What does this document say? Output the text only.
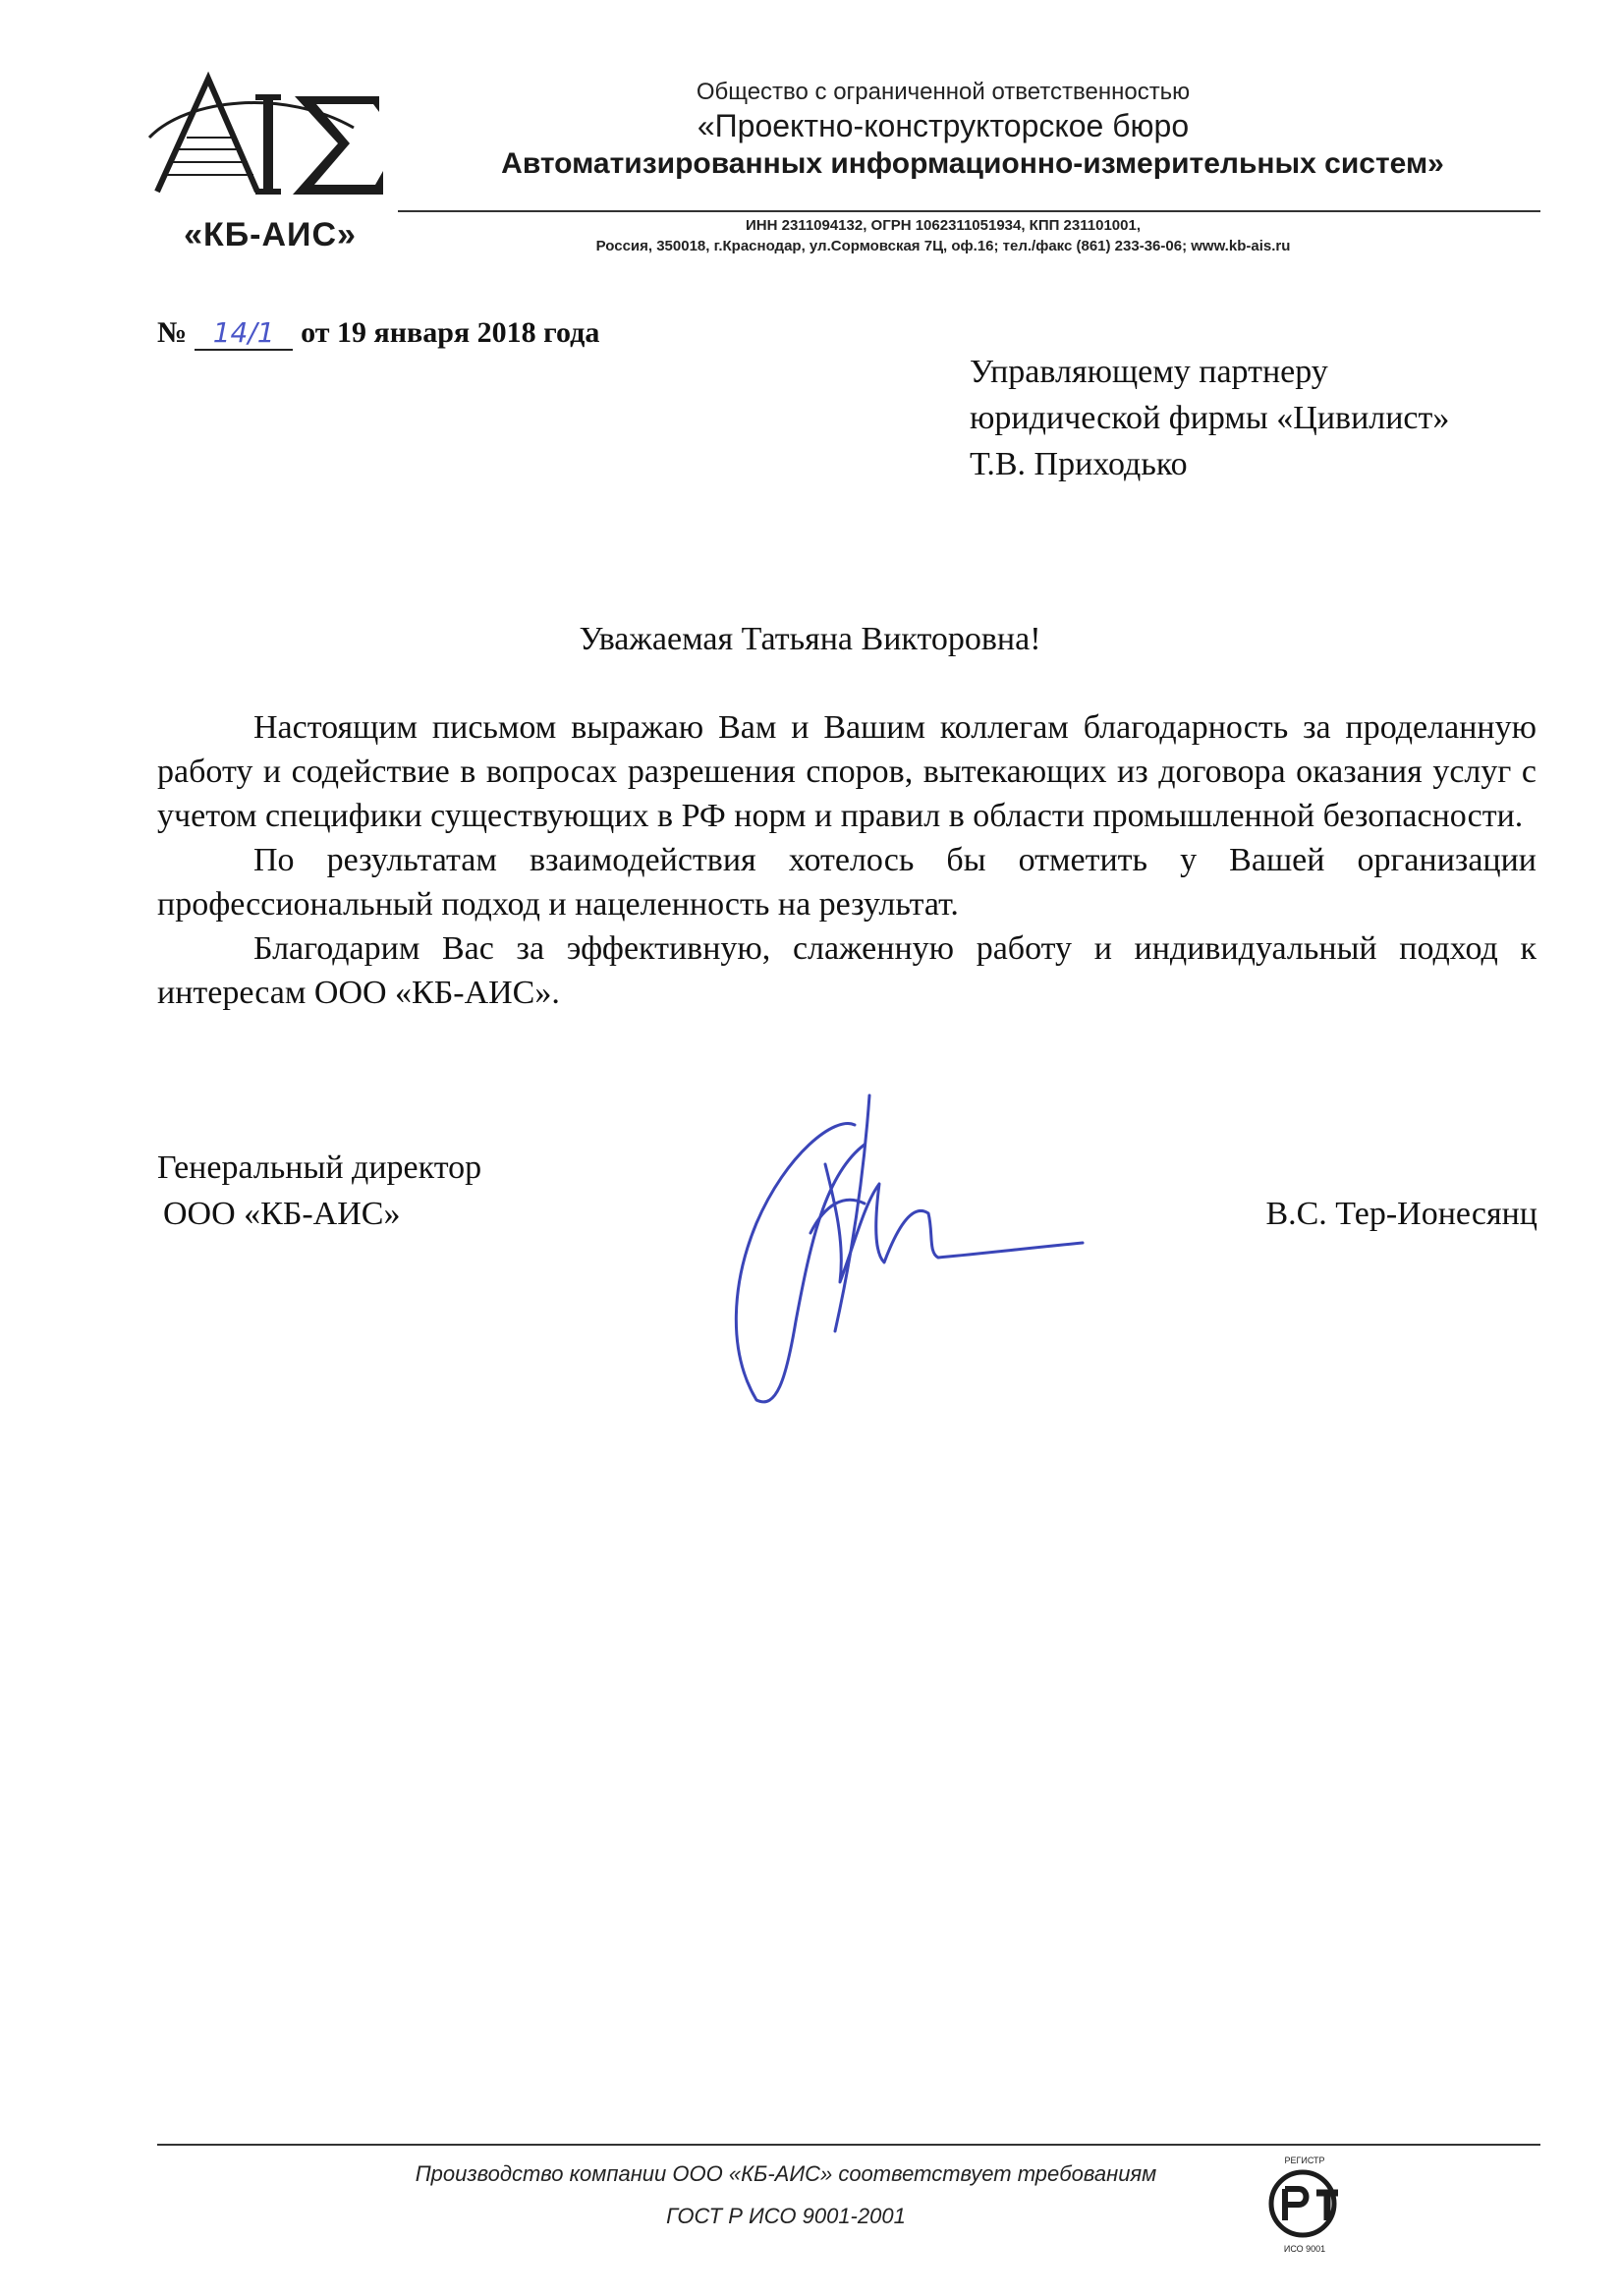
«КБ-АИС»
Общество с ограниченной ответственностью
«Проектно-конструкторское бюро
Автоматизированных информационно-измерительных систем»
ИНН 2311094132, ОГРН 1062311051934, КПП 231101001,
Россия, 350018, г.Краснодар, ул.Сормовская 7Ц, оф.16; тел./факс (861) 233-36-06; www.kb-ais.ru
№ 14/1 от 19 января 2018 года
Управляющему партнеру
юридической фирмы «Цивилист»
Т.В. Приходько
Уважаемая Татьяна Викторовна!

Настоящим письмом выражаю Вам и Вашим коллегам благодарность за проделанную работу и содействие в вопросах разрешения споров, вытекающих из договора оказания услуг с учетом специфики существующих в РФ норм и правил в области промышленной безопасности.

По результатам взаимодействия хотелось бы отметить у Вашей организации профессиональный подход и нацеленность на результат.

Благодарим Вас за эффективную, слаженную работу и индивидуальный подход к интересам ООО «КБ-АИС».

Генеральный директор
ООО «КБ-АИС»	В.С. Тер-Ионесянц
Производство компании ООО «КБ-АИС» соответствует требованиям
ГОСТ Р ИСО 9001-2001
РЕГИСТР
ИСО 9001
